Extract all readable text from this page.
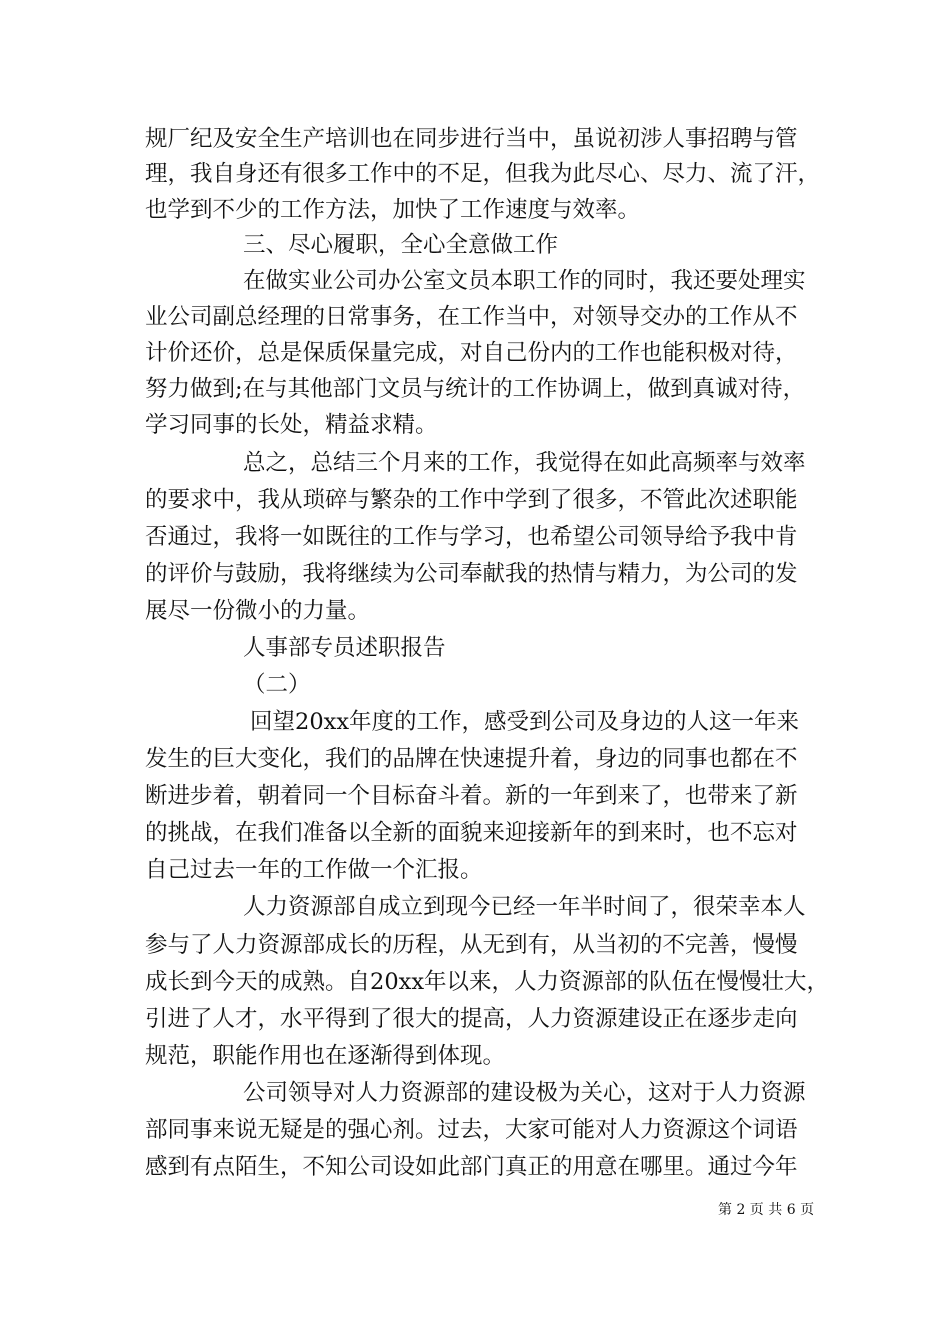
规厂纪及安全生产培训也在同步进行当中，虽说初涉人事招聘与管
理，我自身还有很多工作中的不足，但我为此尽心、尽力、流了汗，
也学到不少的工作方法，加快了工作速度与效率。
三、尽心履职，全心全意做工作
在做实业公司办公室文员本职工作的同时，我还要处理实
业公司副总经理的日常事务，在工作当中，对领导交办的工作从不
计价还价，总是保质保量完成，对自己份内的工作也能积极对待，
努力做到;在与其他部门文员与统计的工作协调上，做到真诚对待，
学习同事的长处，精益求精。
总之，总结三个月来的工作，我觉得在如此高频率与效率
的要求中，我从琐碎与繁杂的工作中学到了很多，不管此次述职能
否通过，我将一如既往的工作与学习，也希望公司领导给予我中肯
的评价与鼓励，我将继续为公司奉献我的热情与精力，为公司的发
展尽一份微小的力量。
人事部专员述职报告
（二）
回望20xx年度的工作，感受到公司及身边的人这一年来
发生的巨大变化，我们的品牌在快速提升着，身边的同事也都在不
断进步着，朝着同一个目标奋斗着。新的一年到来了，也带来了新
的挑战，在我们准备以全新的面貌来迎接新年的到来时，也不忘对
自己过去一年的工作做一个汇报。
人力资源部自成立到现今已经一年半时间了，很荣幸本人
参与了人力资源部成长的历程，从无到有，从当初的不完善，慢慢
成长到今天的成熟。自20xx年以来，人力资源部的队伍在慢慢壮大，
引进了人才，水平得到了很大的提高，人力资源建设正在逐步走向
规范，职能作用也在逐渐得到体现。
公司领导对人力资源部的建设极为关心，这对于人力资源
部同事来说无疑是的强心剂。过去，大家可能对人力资源这个词语
感到有点陌生，不知公司设如此部门真正的用意在哪里。通过今年
第 2 页 共 6 页
